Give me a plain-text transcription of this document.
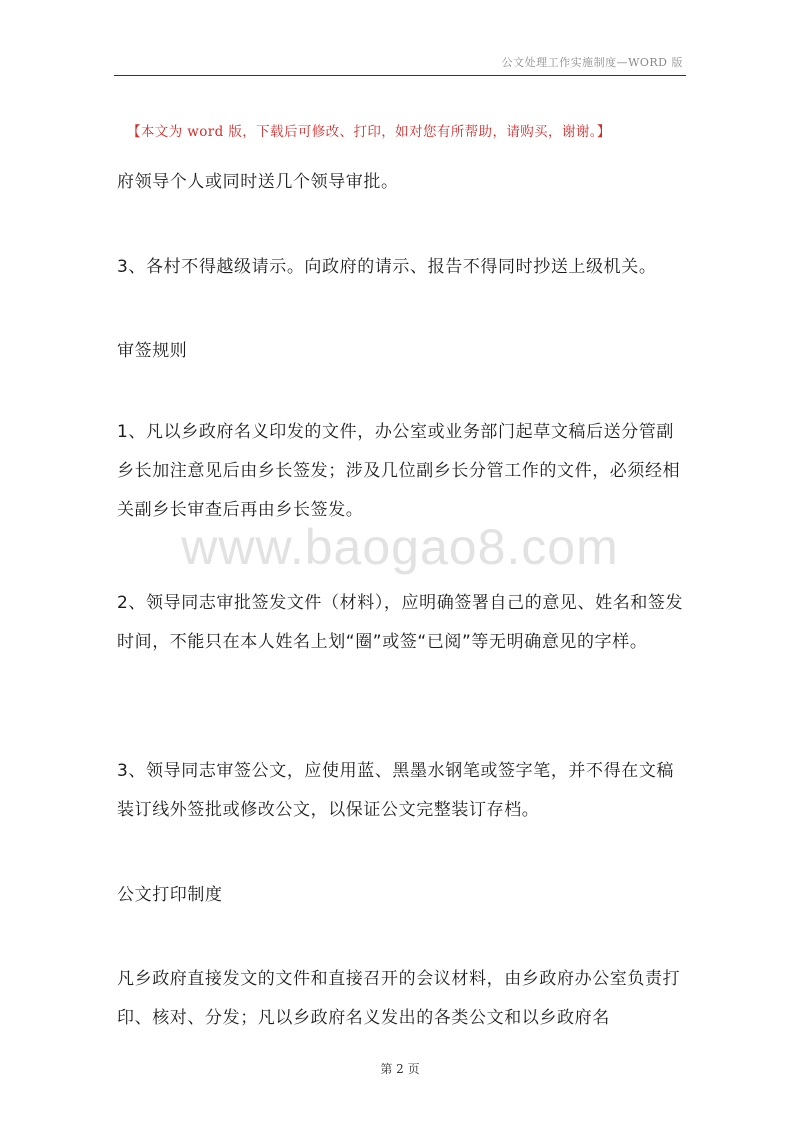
公文处理工作实施制度—WORD 版
【本文为 word 版，下载后可修改、打印，如对您有所帮助，请购买，谢谢。】
府领导个人或同时送几个领导审批。
3、各村不得越级请示。向政府的请示、报告不得同时抄送上级机关。
审签规则
1、凡以乡政府名义印发的文件，办公室或业务部门起草文稿后送分管副乡长加注意见后由乡长签发；涉及几位副乡长分管工作的文件，必须经相关副乡长审查后再由乡长签发。
2、领导同志审批签发文件（材料），应明确签署自己的意见、姓名和签发时间，不能只在本人姓名上划“圈”或签“已阅”等无明确意见的字样。
3、领导同志审签公文，应使用蓝、黑墨水钢笔或签字笔，并不得在文稿装订线外签批或修改公文，以保证公文完整装订存档。
公文打印制度
凡乡政府直接发文的文件和直接召开的会议材料，由乡政府办公室负责打印、核对、分发；凡以乡政府名义发出的各类公文和以乡政府名
www.baogao8.com
第 2 页
